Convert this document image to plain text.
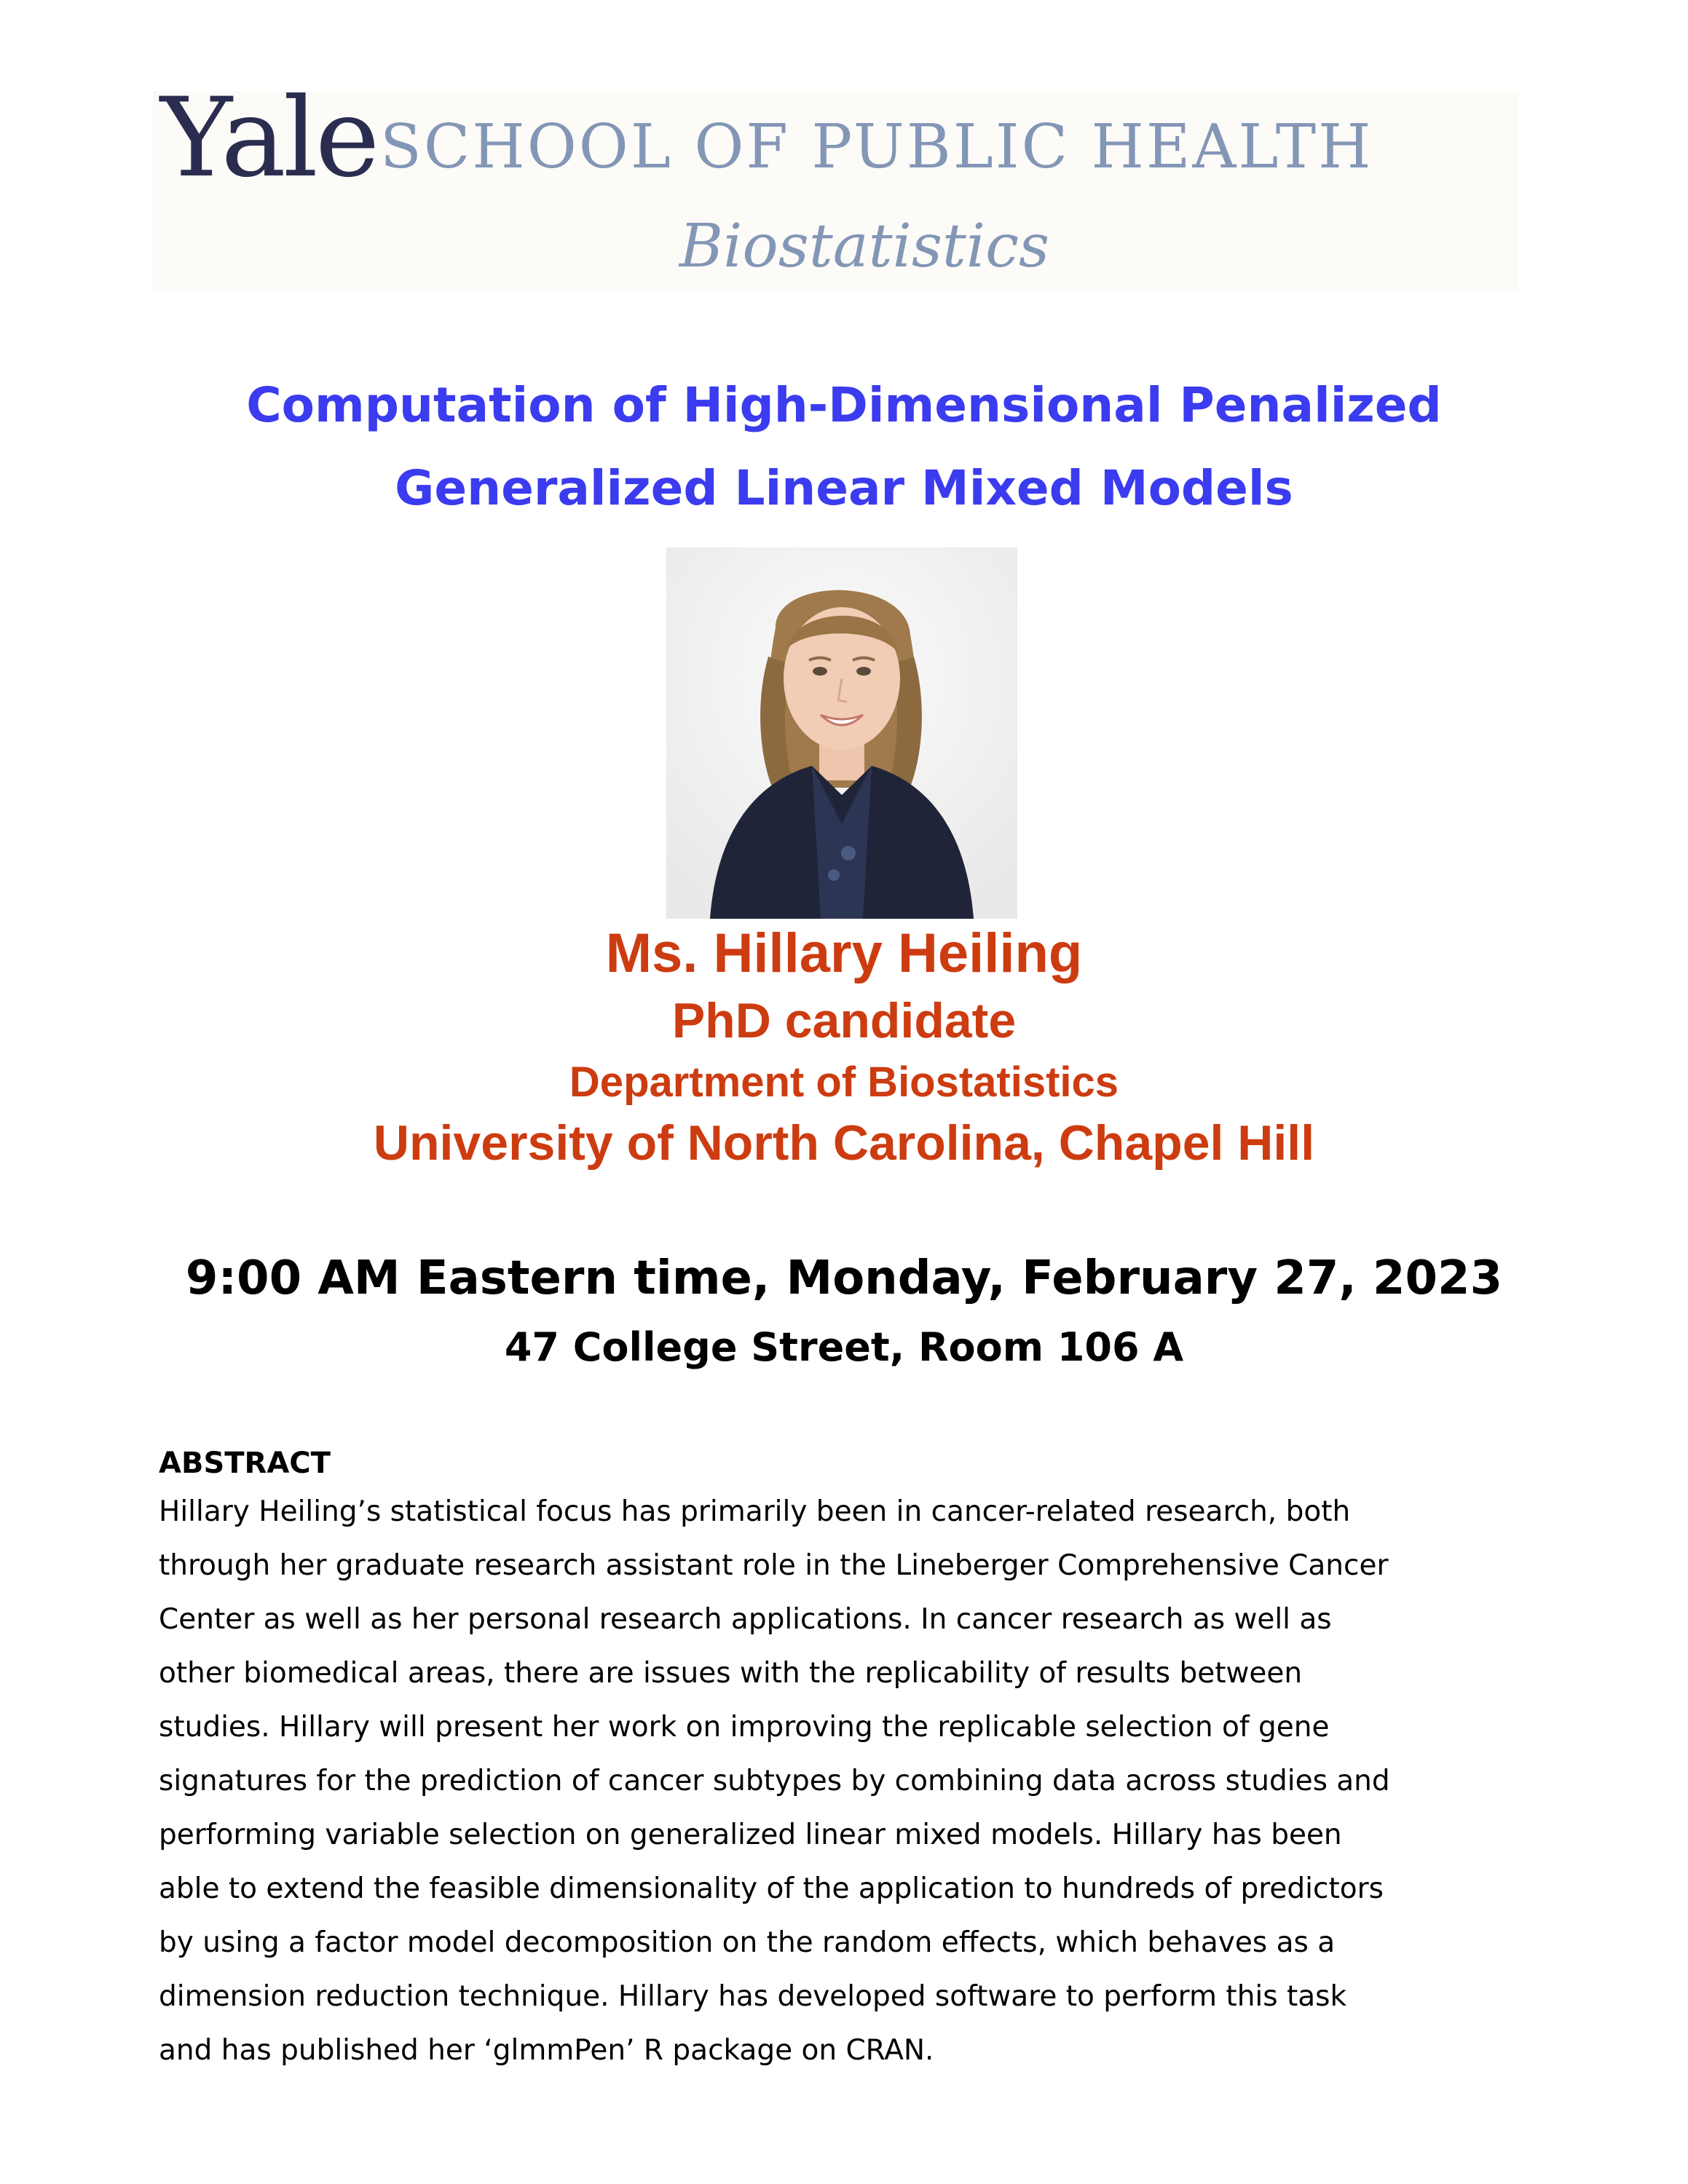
Yale SCHOOL OF PUBLIC HEALTH
Biostatistics
Computation of High-Dimensional Penalized
Generalized Linear Mixed Models
Ms. Hillary Heiling
PhD candidate
Department of Biostatistics
University of North Carolina, Chapel Hill
9:00 AM Eastern time, Monday, February 27, 2023
47 College Street, Room 106 A
ABSTRACT
Hillary Heiling’s statistical focus has primarily been in cancer-related research, both
through her graduate research assistant role in the Lineberger Comprehensive Cancer
Center as well as her personal research applications. In cancer research as well as
other biomedical areas, there are issues with the replicability of results between
studies. Hillary will present her work on improving the replicable selection of gene
signatures for the prediction of cancer subtypes by combining data across studies and
performing variable selection on generalized linear mixed models. Hillary has been
able to extend the feasible dimensionality of the application to hundreds of predictors
by using a factor model decomposition on the random effects, which behaves as a
dimension reduction technique. Hillary has developed software to perform this task
and has published her ‘glmmPen’ R package on CRAN.
